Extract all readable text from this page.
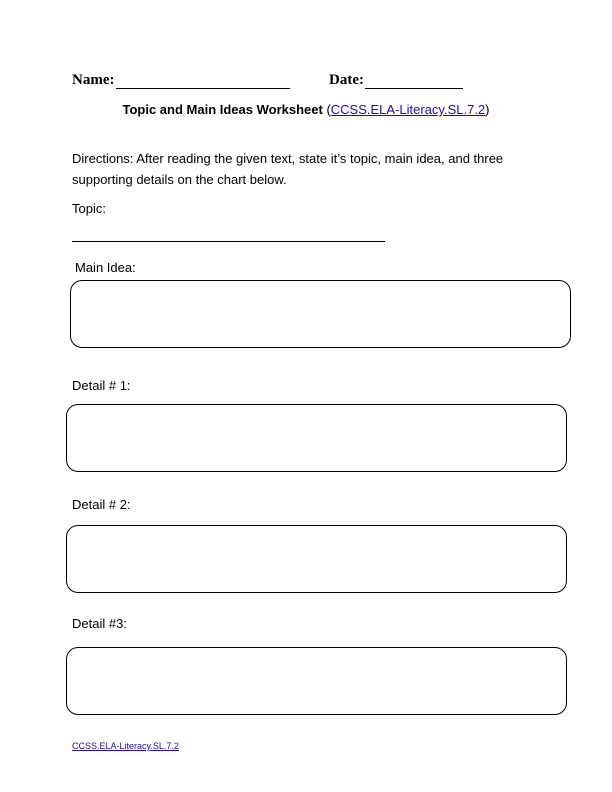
Name:	Date:
Topic and Main Ideas Worksheet (CCSS.ELA-Literacy.SL.7.2)
Directions: After reading the given text, state it’s topic, main idea, and three
supporting details on the chart below.
Topic:
Main Idea:
Detail # 1:
Detail # 2:
Detail #3:
CCSS.ELA-Literacy.SL.7.2
